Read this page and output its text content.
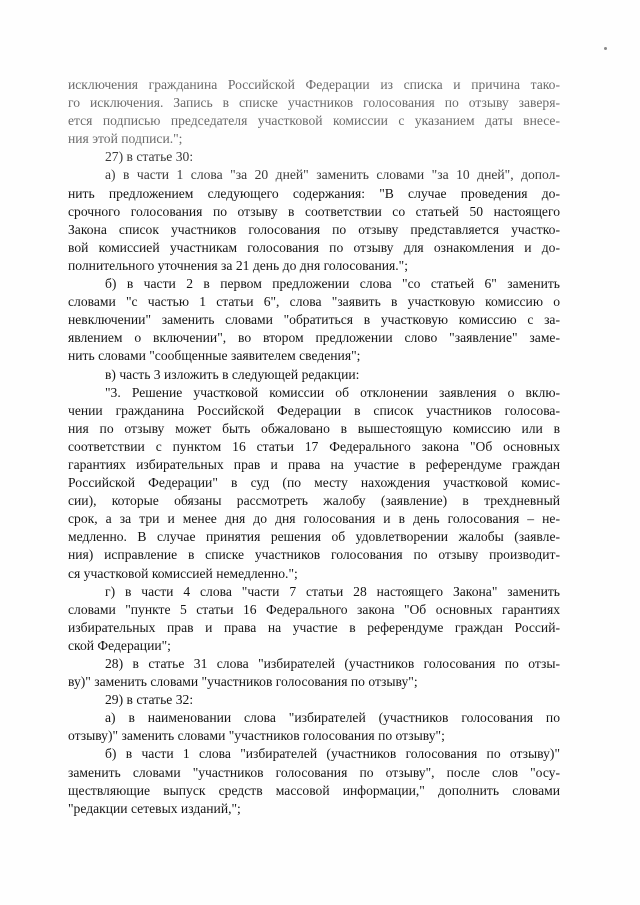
исключения гражданина Российской Федерации из списка и причина тако-
го исключения. Запись в списке участников голосования по отзыву заверя-
ется подписью председателя участковой комиссии с указанием даты внесе-
ния этой подписи.";
27) в статье 30:
а) в части 1 слова "за 20 дней" заменить словами "за 10 дней", допол-
нить предложением следующего содержания: "В случае проведения до-
срочного голосования по отзыву в соответствии со статьей 50 настоящего
Закона список участников голосования по отзыву представляется участко-
вой комиссией участникам голосования по отзыву для ознакомления и до-
полнительного уточнения за 21 день до дня голосования.";
б) в части 2 в первом предложении слова "со статьей 6" заменить
словами "с частью 1 статьи 6", слова "заявить в участковую комиссию о
невключении" заменить словами "обратиться в участковую комиссию с за-
явлением о включении", во втором предложении слово "заявление" заме-
нить словами "сообщенные заявителем сведения";
в) часть 3 изложить в следующей редакции:
"3. Решение участковой комиссии об отклонении заявления о вклю-
чении гражданина Российской Федерации в список участников голосова-
ния по отзыву может быть обжаловано в вышестоящую комиссию или в
соответствии с пунктом 16 статьи 17 Федерального закона "Об основных
гарантиях избирательных прав и права на участие в референдуме граждан
Российской Федерации" в суд (по месту нахождения участковой комис-
сии), которые обязаны рассмотреть жалобу (заявление) в трехдневный
срок, а за три и менее дня до дня голосования и в день голосования – не-
медленно. В случае принятия решения об удовлетворении жалобы (заявле-
ния) исправление в списке участников голосования по отзыву производит-
ся участковой комиссией немедленно.";
г) в части 4 слова "части 7 статьи 28 настоящего Закона" заменить
словами "пункте 5 статьи 16 Федерального закона "Об основных гарантиях
избирательных прав и права на участие в референдуме граждан Россий-
ской Федерации";
28) в статье 31 слова "избирателей (участников голосования по отзы-
ву)" заменить словами "участников голосования по отзыву";
29) в статье 32:
а) в наименовании слова "избирателей (участников голосования по
отзыву)" заменить словами "участников голосования по отзыву";
б) в части 1 слова "избирателей (участников голосования по отзыву)"
заменить словами "участников голосования по отзыву", после слов "осу-
ществляющие выпуск средств массовой информации," дополнить словами
"редакции сетевых изданий,";
